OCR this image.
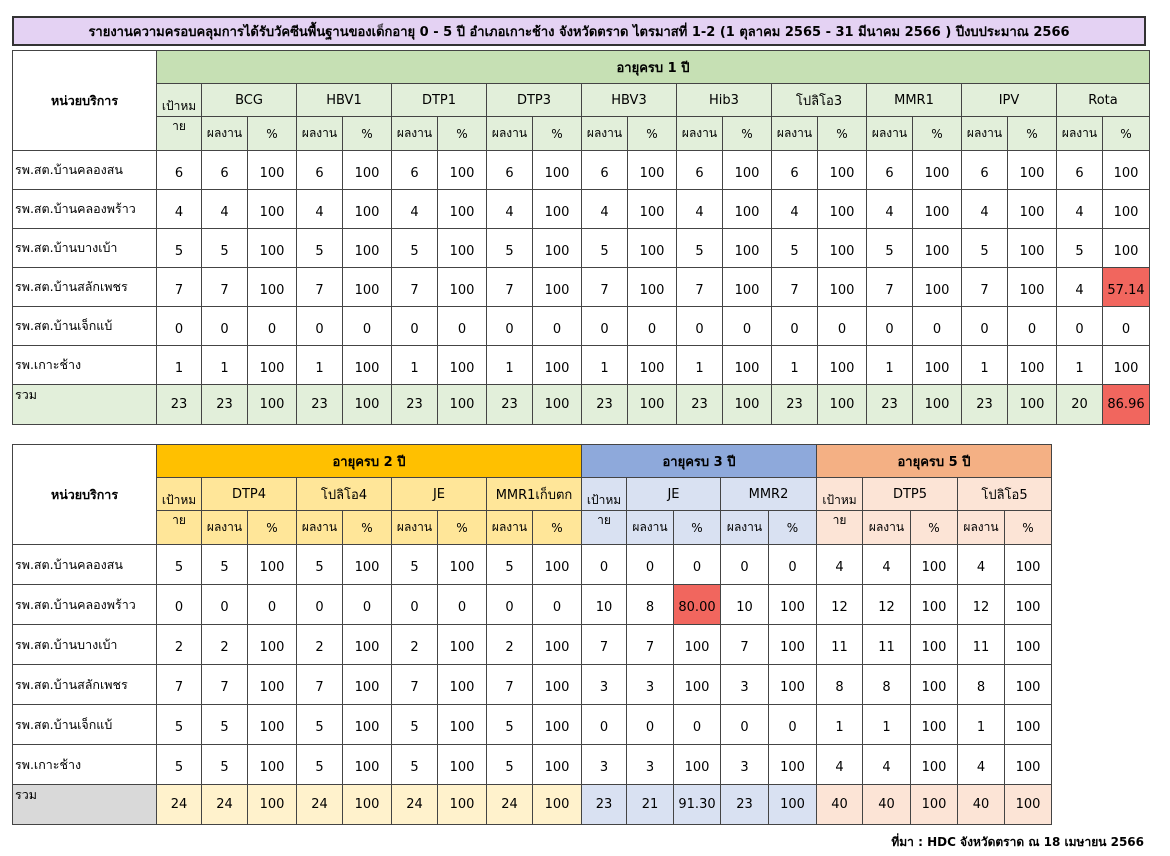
รายงานความครอบคลุมการได้รับวัคซีนพื้นฐานของเด็กอายุ 0 - 5 ปี อำเภอเกาะช้าง จังหวัดตราด ไตรมาสที่ 1-2 (1 ตุลาคม 2565 - 31 มีนาคม 2566 ) ปีงบประมาณ 2566
หน่วยบริการ	อายุครบ 1 ปี																				
	เป้าหม	BCG		HBV1		DTP1		DTP3		HBV3		Hib3		โปลิโอ3		MMR1		IPV		Rota	
	าย	ผลงาน	%	ผลงาน	%	ผลงาน	%	ผลงาน	%	ผลงาน	%	ผลงาน	%	ผลงาน	%	ผลงาน	%	ผลงาน	%	ผลงาน	%
รพ.สต.บ้านคลองสน	6	6	100	6	100	6	100	6	100	6	100	6	100	6	100	6	100	6	100	6	100
รพ.สต.บ้านคลองพร้าว	4	4	100	4	100	4	100	4	100	4	100	4	100	4	100	4	100	4	100	4	100
รพ.สต.บ้านบางเบ้า	5	5	100	5	100	5	100	5	100	5	100	5	100	5	100	5	100	5	100	5	100
รพ.สต.บ้านสลักเพชร	7	7	100	7	100	7	100	7	100	7	100	7	100	7	100	7	100	7	100	4	57.14
รพ.สต.บ้านเจ็กแบ้	0	0	0	0	0	0	0	0	0	0	0	0	0	0	0	0	0	0	0	0	0
รพ.เกาะช้าง	1	1	100	1	100	1	100	1	100	1	100	1	100	1	100	1	100	1	100	1	100
รวม	23	23	100	23	100	23	100	23	100	23	100	23	100	23	100	23	100	23	100	20	86.96
หน่วยบริการ	อายุครบ 2 ปี									อายุครบ 3 ปี					อายุครบ 5 ปี				
	เป้าหม	DTP4		โปลิโอ4		JE		MMR1เก็บตก		เป้าหม	JE		MMR2		เป้าหม	DTP5		โปลิโอ5	
	าย	ผลงาน	%	ผลงาน	%	ผลงาน	%	ผลงาน	%	าย	ผลงาน	%	ผลงาน	%	าย	ผลงาน	%	ผลงาน	%
รพ.สต.บ้านคลองสน	5	5	100	5	100	5	100	5	100	0	0	0	0	0	4	4	100	4	100
รพ.สต.บ้านคลองพร้าว	0	0	0	0	0	0	0	0	0	10	8	80.00	10	100	12	12	100	12	100
รพ.สต.บ้านบางเบ้า	2	2	100	2	100	2	100	2	100	7	7	100	7	100	11	11	100	11	100
รพ.สต.บ้านสลักเพชร	7	7	100	7	100	7	100	7	100	3	3	100	3	100	8	8	100	8	100
รพ.สต.บ้านเจ็กแบ้	5	5	100	5	100	5	100	5	100	0	0	0	0	0	1	1	100	1	100
รพ.เกาะช้าง	5	5	100	5	100	5	100	5	100	3	3	100	3	100	4	4	100	4	100
รวม	24	24	100	24	100	24	100	24	100	23	21	91.30	23	100	40	40	100	40	100
ที่มา : HDC จังหวัดตราด ณ 18 เมษายน 2566
